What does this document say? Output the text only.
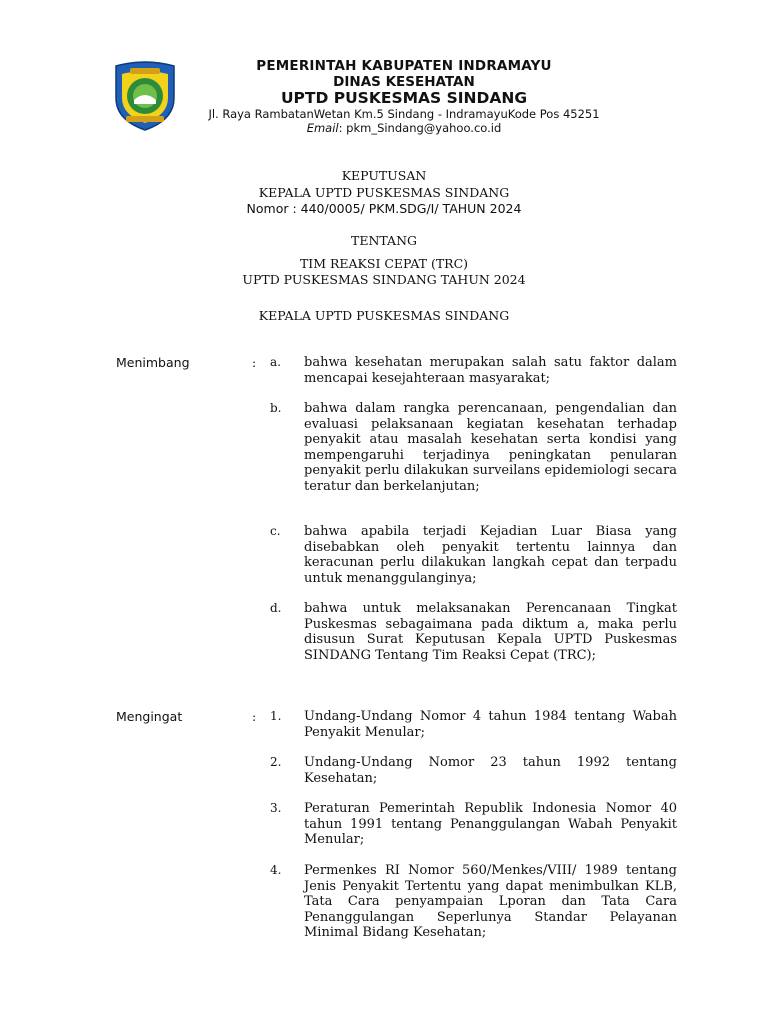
PEMERINTAH KABUPATEN INDRAMAYU
DINAS KESEHATAN
UPTD PUSKESMAS SINDANG
Jl. Raya RambatanWetan Km.5 Sindang - IndramayuKode Pos 45251
Email: pkm_Sindang@yahoo.co.id
KEPUTUSAN
KEPALA UPTD PUSKESMAS SINDANG
Nomor : 440/0005/ PKM.SDG/I/ TAHUN 2024
TENTANG
TIM REAKSI CEPAT (TRC)
UPTD PUSKESMAS SINDANG TAHUN 2024
KEPALA UPTD PUSKESMAS SINDANG
Menimbang	: a. bahwa kesehatan merupakan salah satu faktor dalam mencapai kesejahteraan masyarakat;
b. bahwa dalam rangka perencanaan, pengendalian dan evaluasi pelaksanaan kegiatan kesehatan terhadap penyakit atau masalah kesehatan serta kondisi yang mempengaruhi terjadinya peningkatan penularan penyakit perlu dilakukan surveilans epidemiologi secara teratur dan berkelanjutan;
c. bahwa apabila terjadi Kejadian Luar Biasa yang disebabkan oleh penyakit tertentu lainnya dan keracunan perlu dilakukan langkah cepat dan terpadu untuk menanggulanginya;
d. bahwa untuk melaksanakan Perencanaan Tingkat Puskesmas sebagaimana pada diktum a, maka perlu disusun Surat Keputusan Kepala UPTD Puskesmas SINDANG Tentang Tim Reaksi Cepat (TRC);
Mengingat	: 1. Undang-Undang Nomor 4 tahun 1984 tentang Wabah Penyakit Menular;
2. Undang-Undang Nomor 23 tahun 1992 tentang Kesehatan;
3. Peraturan Pemerintah Republik Indonesia Nomor 40 tahun 1991 tentang Penanggulangan Wabah Penyakit Menular;
4. Permenkes RI Nomor 560/Menkes/VIII/ 1989 tentang Jenis Penyakit Tertentu yang dapat menimbulkan KLB, Tata Cara penyampaian Lporan dan Tata Cara Penanggulangan Seperlunya Standar Pelayanan Minimal Bidang Kesehatan;
